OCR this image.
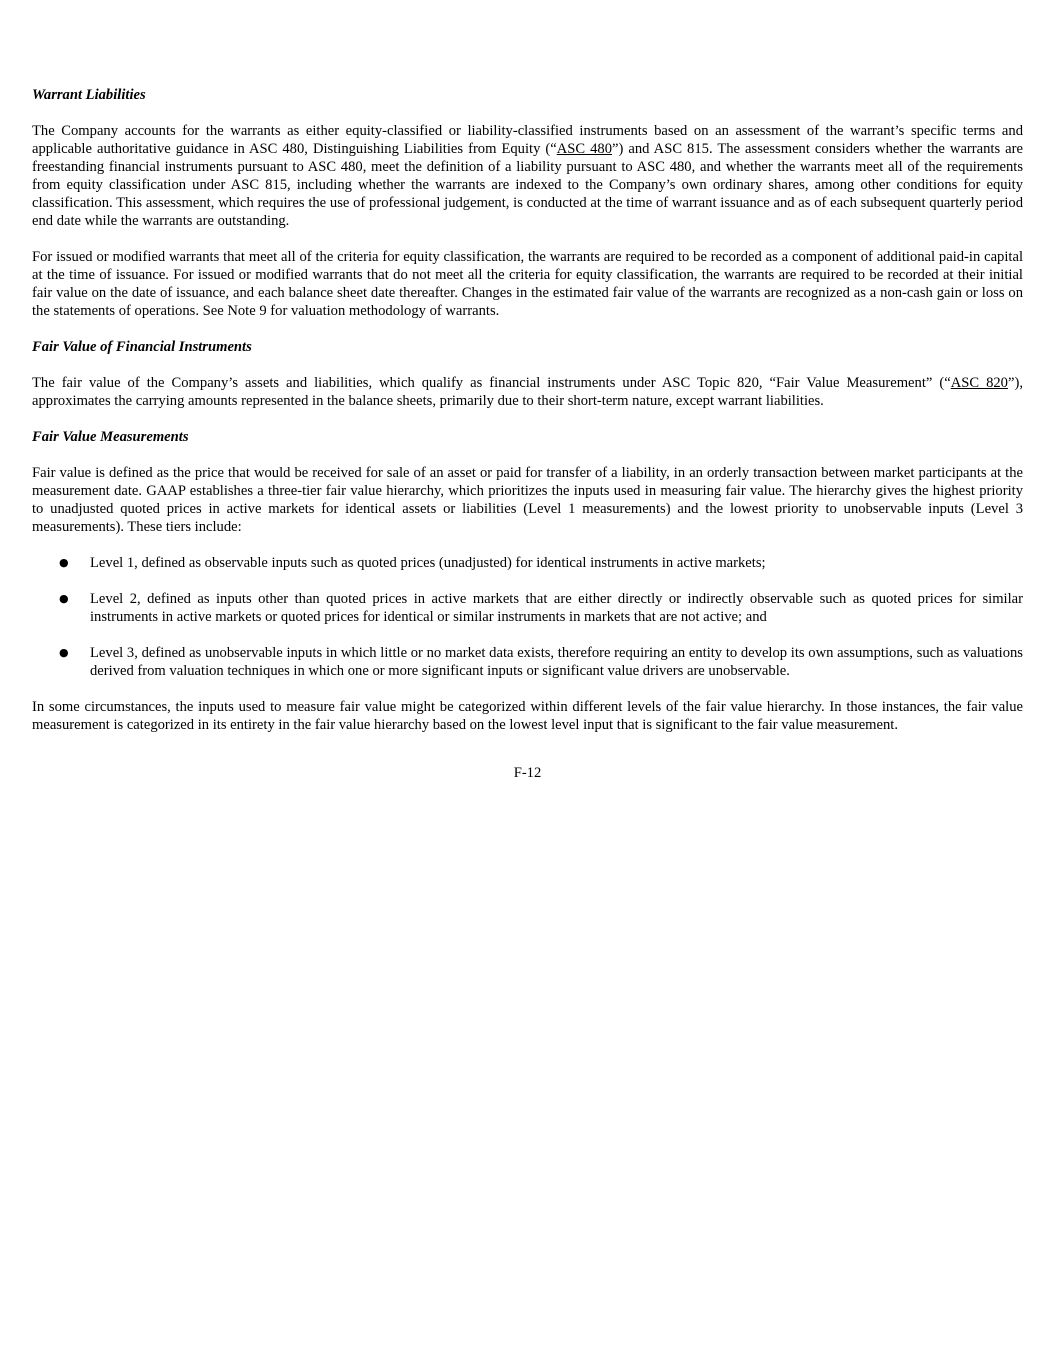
Warrant Liabilities

The Company accounts for the warrants as either equity-classified or liability-classified instruments based on an assessment of the warrant’s specific terms and applicable authoritative guidance in ASC 480, Distinguishing Liabilities from Equity (“ASC 480”) and ASC 815. The assessment considers whether the warrants are freestanding financial instruments pursuant to ASC 480, meet the definition of a liability pursuant to ASC 480, and whether the warrants meet all of the requirements from equity classification under ASC 815, including whether the warrants are indexed to the Company’s own ordinary shares, among other conditions for equity classification. This assessment, which requires the use of professional judgement, is conducted at the time of warrant issuance and as of each subsequent quarterly period end date while the warrants are outstanding.

For issued or modified warrants that meet all of the criteria for equity classification, the warrants are required to be recorded as a component of additional paid-in capital at the time of issuance. For issued or modified warrants that do not meet all the criteria for equity classification, the warrants are required to be recorded at their initial fair value on the date of issuance, and each balance sheet date thereafter. Changes in the estimated fair value of the warrants are recognized as a non-cash gain or loss on the statements of operations. See Note 9 for valuation methodology of warrants.

Fair Value of Financial Instruments

The fair value of the Company’s assets and liabilities, which qualify as financial instruments under ASC Topic 820, “Fair Value Measurement” (“ASC 820”), approximates the carrying amounts represented in the balance sheets, primarily due to their short-term nature, except warrant liabilities.

Fair Value Measurements

Fair value is defined as the price that would be received for sale of an asset or paid for transfer of a liability, in an orderly transaction between market participants at the measurement date. GAAP establishes a three-tier fair value hierarchy, which prioritizes the inputs used in measuring fair value. The hierarchy gives the highest priority to unadjusted quoted prices in active markets for identical assets or liabilities (Level 1 measurements) and the lowest priority to unobservable inputs (Level 3 measurements). These tiers include:

● Level 1, defined as observable inputs such as quoted prices (unadjusted) for identical instruments in active markets;
● Level 2, defined as inputs other than quoted prices in active markets that are either directly or indirectly observable such as quoted prices for similar instruments in active markets or quoted prices for identical or similar instruments in markets that are not active; and
● Level 3, defined as unobservable inputs in which little or no market data exists, therefore requiring an entity to develop its own assumptions, such as valuations derived from valuation techniques in which one or more significant inputs or significant value drivers are unobservable.

In some circumstances, the inputs used to measure fair value might be categorized within different levels of the fair value hierarchy. In those instances, the fair value measurement is categorized in its entirety in the fair value hierarchy based on the lowest level input that is significant to the fair value measurement.

F-12
